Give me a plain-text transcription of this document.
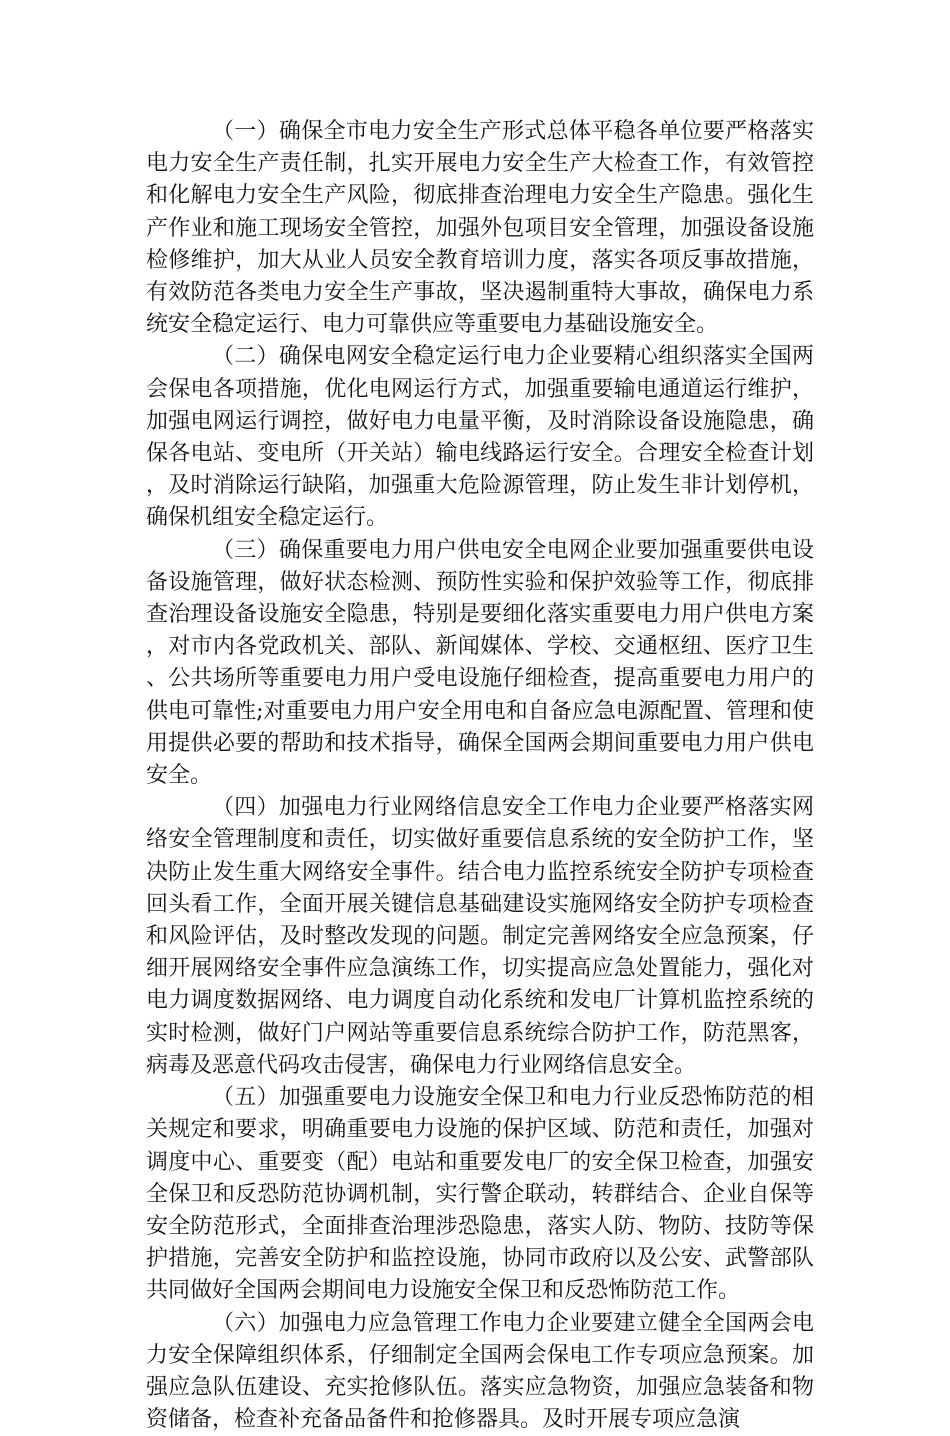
（一）确保全市电力安全生产形式总体平稳各单位要严格落实电力安全生产责任制，扎实开展电力安全生产大检查工作，有效管控和化解电力安全生产风险，彻底排查治理电力安全生产隐患。强化生产作业和施工现场安全管控，加强外包项目安全管理，加强设备设施检修维护，加大从业人员安全教育培训力度，落实各项反事故措施，有效防范各类电力安全生产事故，坚决遏制重特大事故，确保电力系统安全稳定运行、电力可靠供应等重要电力基础设施安全。

（二）确保电网安全稳定运行电力企业要精心组织落实全国两会保电各项措施，优化电网运行方式，加强重要输电通道运行维护，加强电网运行调控，做好电力电量平衡，及时消除设备设施隐患，确保各电站、变电所（开关站）输电线路运行安全。合理安全检查计划，及时消除运行缺陷，加强重大危险源管理，防止发生非计划停机，确保机组安全稳定运行。

（三）确保重要电力用户供电安全电网企业要加强重要供电设备设施管理，做好状态检测、预防性实验和保护效验等工作，彻底排查治理设备设施安全隐患，特别是要细化落实重要电力用户供电方案，对市内各党政机关、部队、新闻媒体、学校、交通枢纽、医疗卫生、公共场所等重要电力用户受电设施仔细检查，提高重要电力用户的供电可靠性;对重要电力用户安全用电和自备应急电源配置、管理和使用提供必要的帮助和技术指导，确保全国两会期间重要电力用户供电安全。

（四）加强电力行业网络信息安全工作电力企业要严格落实网络安全管理制度和责任，切实做好重要信息系统的安全防护工作，坚决防止发生重大网络安全事件。结合电力监控系统安全防护专项检查回头看工作，全面开展关键信息基础建设实施网络安全防护专项检查和风险评估，及时整改发现的问题。制定完善网络安全应急预案，仔细开展网络安全事件应急演练工作，切实提高应急处置能力，强化对电力调度数据网络、电力调度自动化系统和发电厂计算机监控系统的实时检测，做好门户网站等重要信息系统综合防护工作，防范黑客，病毒及恶意代码攻击侵害，确保电力行业网络信息安全。

（五）加强重要电力设施安全保卫和电力行业反恐怖防范的相关规定和要求，明确重要电力设施的保护区域、防范和责任，加强对调度中心、重要变（配）电站和重要发电厂的安全保卫检查，加强安全保卫和反恐防范协调机制，实行警企联动，转群结合、企业自保等安全防范形式，全面排查治理涉恐隐患，落实人防、物防、技防等保护措施，完善安全防护和监控设施，协同市政府以及公安、武警部队共同做好全国两会期间电力设施安全保卫和反恐怖防范工作。

（六）加强电力应急管理工作电力企业要建立健全全国两会电力安全保障组织体系，仔细制定全国两会保电工作专项应急预案。加强应急队伍建设、充实抢修队伍。落实应急物资，加强应急装备和物资储备，检查补充备品备件和抢修器具。及时开展专项应急演
